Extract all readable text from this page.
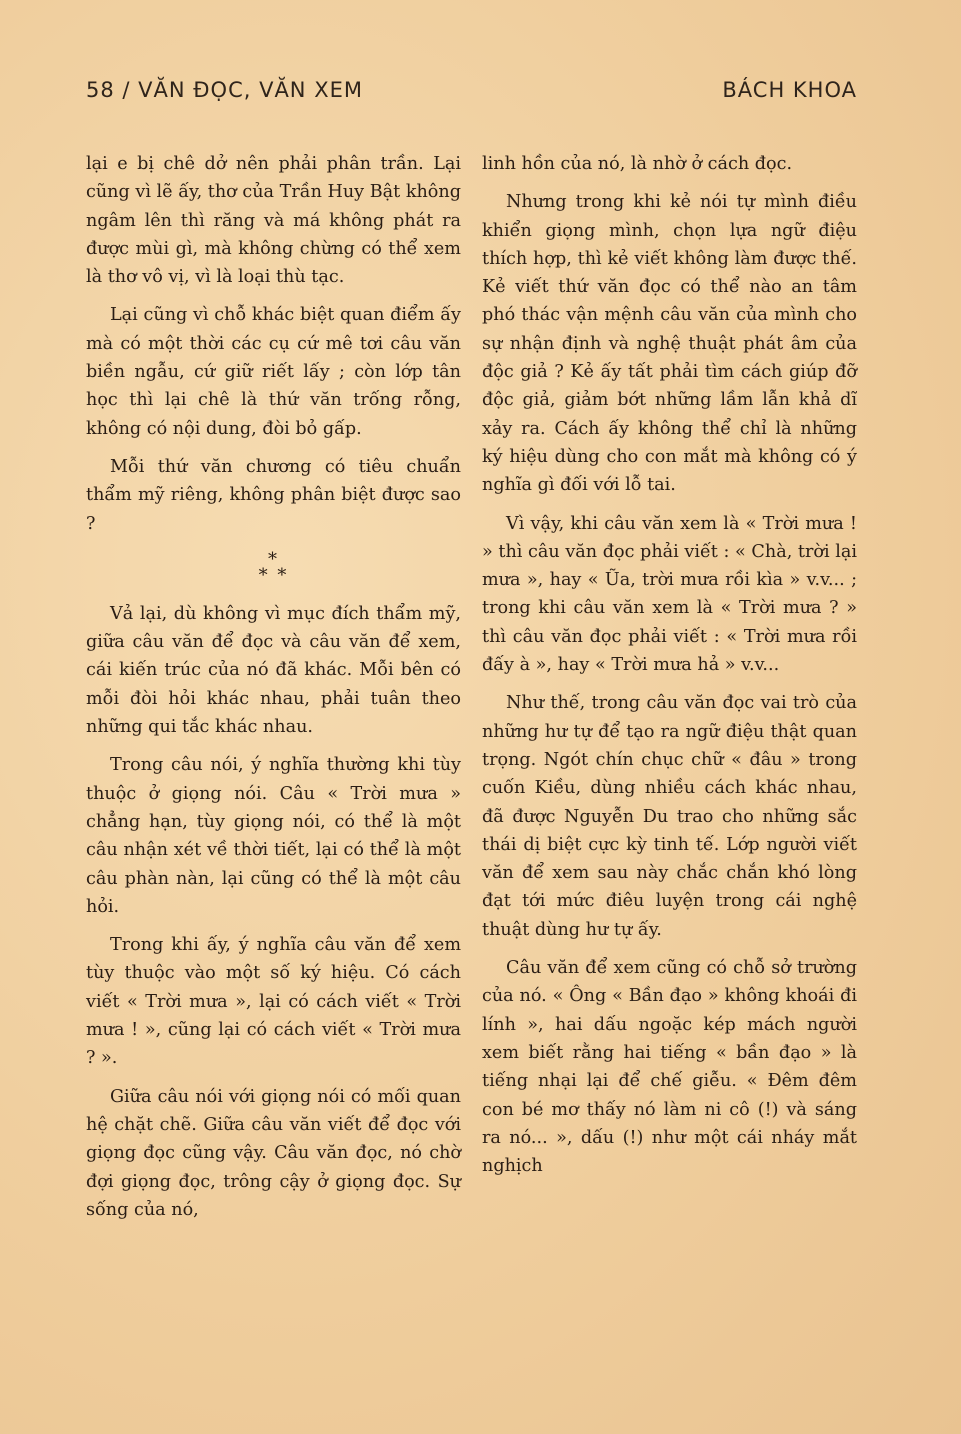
58 / VĂN ĐỌC, VĂN XEM	BÁCH KHOA

lại e bị chê dở nên phải phân trần. Lại cũng vì lẽ ấy, thơ của Trần Huy Bật không ngâm lên thì răng và má không phát ra được mùi gì, mà không chừng có thể xem là thơ vô vị, vì là loại thù tạc.

Lại cũng vì chỗ khác biệt quan điểm ấy mà có một thời các cụ cứ mê tơi câu văn biền ngẫu, cứ giữ riết lấy ; còn lớp tân học thì lại chê là thứ văn trống rỗng, không có nội dung, đòi bỏ gấp.

Mỗi thứ văn chương có tiêu chuẩn thẩm mỹ riêng, không phân biệt được sao ?

*
* *

Vả lại, dù không vì mục đích thẩm mỹ, giữa câu văn để đọc và câu văn để xem, cái kiến trúc của nó đã khác. Mỗi bên có mỗi đòi hỏi khác nhau, phải tuân theo những qui tắc khác nhau.

Trong câu nói, ý nghĩa thường khi tùy thuộc ở giọng nói. Câu « Trời mưa » chẳng hạn, tùy giọng nói, có thể là một câu nhận xét về thời tiết, lại có thể là một câu phàn nàn, lại cũng có thể là một câu hỏi.

Trong khi ấy, ý nghĩa câu văn để xem tùy thuộc vào một số ký hiệu. Có cách viết « Trời mưa », lại có cách viết « Trời mưa ! », cũng lại có cách viết « Trời mưa ? ».

Giữa câu nói với giọng nói có mối quan hệ chặt chẽ. Giữa câu văn viết để đọc với giọng đọc cũng vậy. Câu văn đọc, nó chờ đợi giọng đọc, trông cậy ở giọng đọc. Sự sống của nó,

linh hồn của nó, là nhờ ở cách đọc.

Nhưng trong khi kẻ nói tự mình điều khiển giọng mình, chọn lựa ngữ điệu thích hợp, thì kẻ viết không làm được thế. Kẻ viết thứ văn đọc có thể nào an tâm phó thác vận mệnh câu văn của mình cho sự nhận định và nghệ thuật phát âm của độc giả ? Kẻ ấy tất phải tìm cách giúp đỡ độc giả, giảm bớt những lầm lẫn khả dĩ xảy ra. Cách ấy không thể chỉ là những ký hiệu dùng cho con mắt mà không có ý nghĩa gì đối với lỗ tai.

Vì vậy, khi câu văn xem là « Trời mưa ! » thì câu văn đọc phải viết : « Chà, trời lại mưa », hay « Ũa, trời mưa rồi kìa » v.v... ; trong khi câu văn xem là « Trời mưa ? » thì câu văn đọc phải viết : « Trời mưa rồi đấy à », hay « Trời mưa hả » v.v...

Như thế, trong câu văn đọc vai trò của những hư tự để tạo ra ngữ điệu thật quan trọng. Ngót chín chục chữ « đâu » trong cuốn Kiều, dùng nhiều cách khác nhau, đã được Nguyễn Du trao cho những sắc thái dị biệt cực kỳ tinh tế. Lớp người viết văn để xem sau này chắc chắn khó lòng đạt tới mức điêu luyện trong cái nghệ thuật dùng hư tự ấy.

Câu văn để xem cũng có chỗ sở trường của nó. « Ông « Bần đạo » không khoái đi lính », hai dấu ngoặc kép mách người xem biết rằng hai tiếng « bần đạo » là tiếng nhại lại để chế giễu. « Đêm đêm con bé mơ thấy nó làm ni cô (!) và sáng ra nó... », dấu (!) như một cái nháy mắt nghịch
